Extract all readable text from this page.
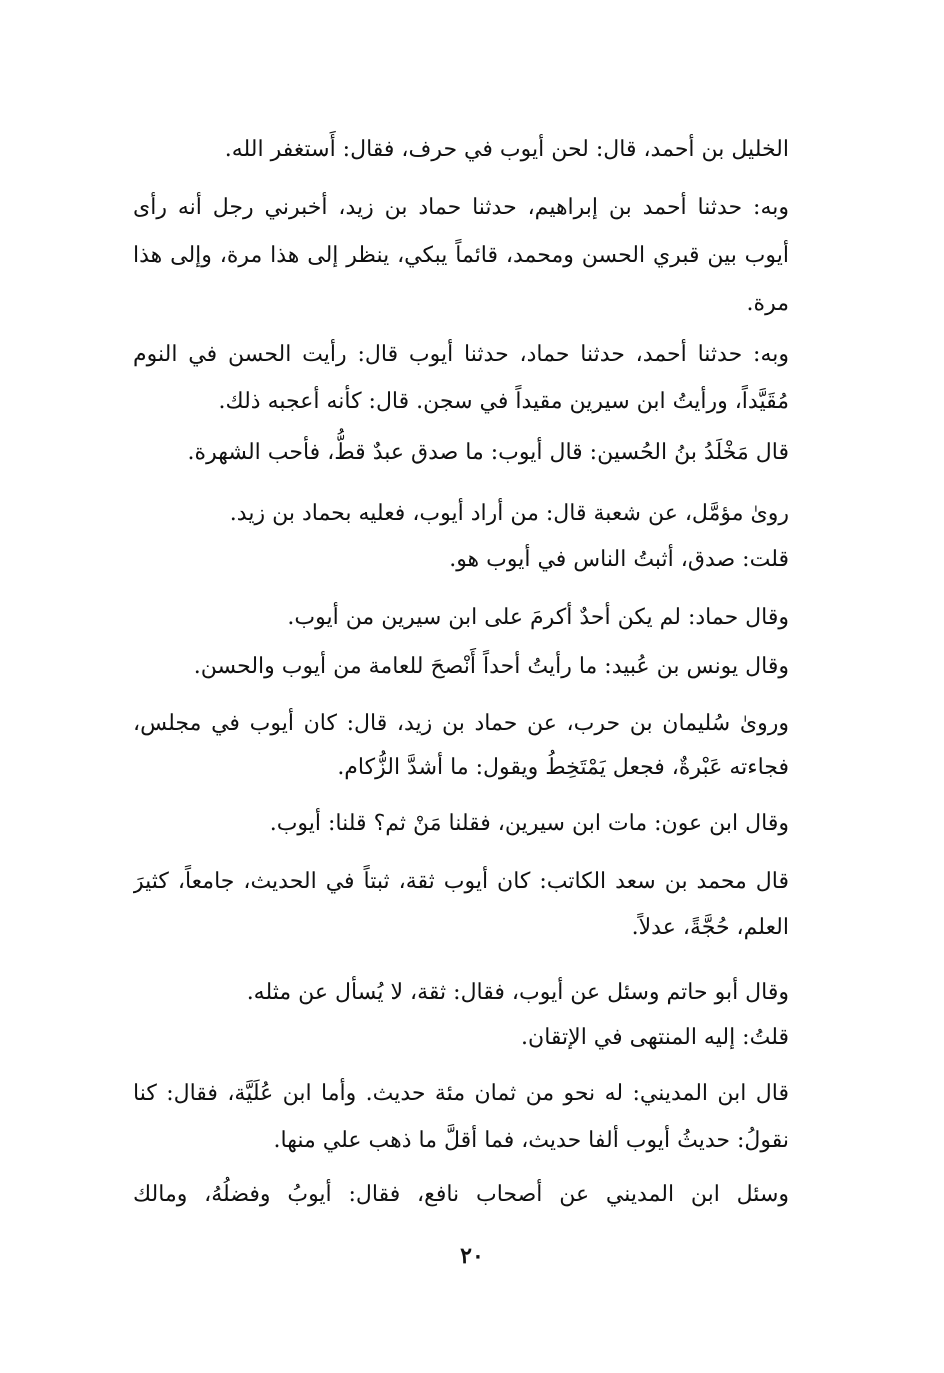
الخليل بن أحمد، قال: لحن أيوب في حرف، فقال: أَستغفر الله.
وبه: حدثنا أحمد بن إبراهيم، حدثنا حماد بن زيد، أخبرني رجل أنه رأى
أيوب بين قبري الحسن ومحمد، قائماً يبكي، ينظر إلى هذا مرة، وإلى هذا
مرة.
وبه: حدثنا أحمد، حدثنا حماد، حدثنا أيوب قال: رأيت الحسن في النوم
مُقَيَّداً، ورأيتُ ابن سيرين مقيداً في سجن. قال: كأنه أعجبه ذلك.
قال مَخْلَدُ بنُ الحُسين: قال أيوب: ما صدق عبدٌ قطُّ، فأحب الشهرة.
روىٰ مؤمَّل، عن شعبة قال: من أراد أيوب، فعليه بحماد بن زيد.
قلت: صدق، أثبتُ الناس في أيوب هو.
وقال حماد: لم يكن أحدٌ أكرمَ على ابن سيرين من أيوب.
وقال يونس بن عُبيد: ما رأيتُ أحداً أَنْصحَ للعامة من أيوب والحسن.
وروىٰ سُليمان بن حرب، عن حماد بن زيد، قال: كان أيوب في مجلس،
فجاءته عَبْرةٌ، فجعل يَمْتَخِطُ ويقول: ما أشدَّ الزُّكام.
وقال ابن عون: مات ابن سيرين، فقلنا مَنْ ثم؟ قلنا: أيوب.
قال محمد بن سعد الكاتب: كان أيوب ثقة، ثبتاً في الحديث، جامعاً، كثيرَ
العلم، حُجَّةً، عدلاً.
وقال أبو حاتم وسئل عن أيوب، فقال: ثقة، لا يُسأل عن مثله.
قلتُ: إليه المنتهى في الإتقان.
قال ابن المديني: له نحو من ثمان مئة حديث. وأما ابن عُلَيَّة، فقال: كنا
نقولُ: حديثُ أيوب ألفا حديث، فما أقلَّ ما ذهب علي منها.
وسئل ابن المديني عن أصحاب نافع، فقال: أيوبُ وفضلُهُ، ومالك
٢٠
